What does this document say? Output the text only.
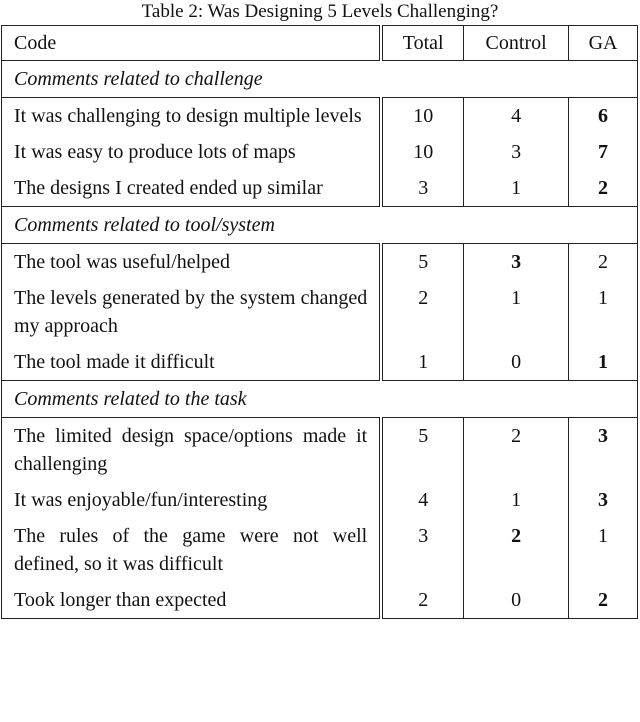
Table 2: Was Designing 5 Levels Challenging?
Code	Total	Control	GA
Comments related to challenge			
It was challenging to design multiple levels	10	4	6
It was easy to produce lots of maps	10	3	7
The designs I created ended up similar	3	1	2
Comments related to tool/system			
The tool was useful/helped	5	3	2
The levels generated by the system changed my approach	2	1	1
The tool made it difficult	1	0	1
Comments related to the task			
The limited design space/options made it challenging	5	2	3
It was enjoyable/fun/interesting	4	1	3
The rules of the game were not well defined, so it was difficult	3	2	1
Took longer than expected	2	0	2
